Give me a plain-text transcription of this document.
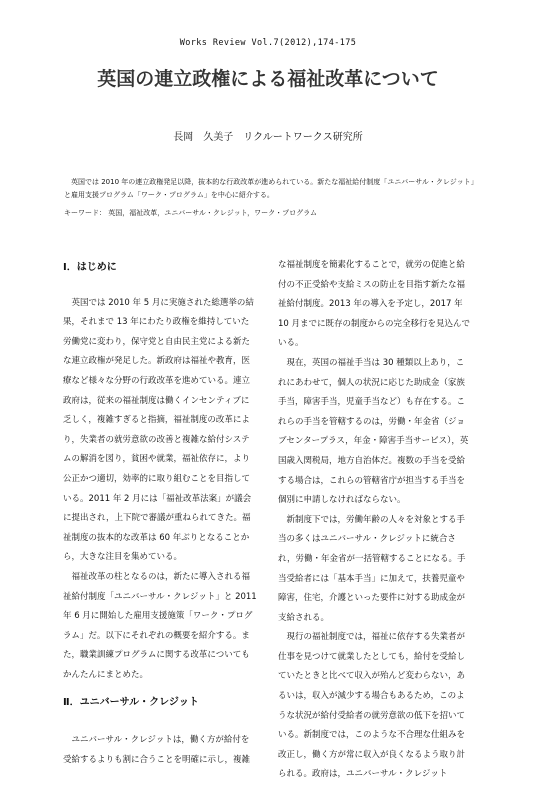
Works Review Vol.7(2012),174-175
英国の連立政権による福祉改革について
長岡　久美子　リクルートワークス研究所

英国では 2010 年の連立政権発足以降，抜本的な行政改革が進められている。新たな福祉給付制度「ユニバーサル・クレジット」と雇用支援プログラム「ワーク・プログラム」を中心に紹介する。

キーワード： 英国，福祉改革，ユニバーサル・クレジット，ワーク・プログラム
Ⅰ．はじめに

英国では 2010 年 5 月に実施された総選挙の結果，それまで 13 年にわたり政権を維持していた労働党に変わり，保守党と自由民主党による新たな連立政権が発足した。新政府は福祉や教育，医療など様々な分野の行政改革を進めている。連立政府は，従来の福祉制度は働くインセンティブに乏しく，複雑すぎると指摘，福祉制度の改革により，失業者の就労意欲の改善と複雑な給付システムの解消を図り，貧困や就業，福祉依存に，より公正かつ適切，効率的に取り組むことを目指している。2011 年 2 月には「福祉改革法案」が議会に提出され，上下院で審議が重ねられてきた。福祉制度の抜本的な改革は 60 年ぶりとなることから，大きな注目を集めている。

福祉改革の柱となるのは，新たに導入される福祉給付制度「ユニバーサル・クレジット」と 2011 年 6 月に開始した雇用支援施策「ワーク・プログラム」だ。以下にそれぞれの概要を紹介する。また，職業訓練プログラムに関する改革についてもかんたんにまとめた。

Ⅱ．ユニバーサル・クレジット

ユニバーサル・クレジットは，働く方が給付を受給するよりも割に合うことを明確に示し，複雑

な福祉制度を簡素化することで，就労の促進と給付の不正受給や支給ミスの防止を目指す新たな福祉給付制度。2013 年の導入を予定し，2017 年 10 月までに既存の制度からの完全移行を見込んでいる。

現在，英国の福祉手当は 30 種類以上あり，これにあわせて，個人の状況に応じた助成金（家族手当，障害手当，児童手当など）も存在する。これらの手当を管轄するのは，労働・年金省（ジョブセンタープラス，年金・障害手当サービス），英国歳入関税局，地方自治体だ。複数の手当を受給する場合は，これらの管轄省庁が担当する手当を個別に申請しなければならない。

新制度下では，労働年齢の人々を対象とする手当の多くはユニバーサル・クレジットに統合され，労働・年金省が一括管轄することになる。手当受給者には「基本手当」に加えて，扶養児童や障害，住宅，介護といった要件に対する助成金が支給される。

現行の福祉制度では，福祉に依存する失業者が仕事を見つけて就業したとしても，給付を受給していたときと比べて収入が殆んど変わらない，あるいは，収入が減少する場合もあるため，このような状況が給付受給者の就労意欲の低下を招いている。新制度では，このような不合理な仕組みを改正し，働く方が常に収入が良くなるよう取り計られる。政府は，ユニバーサル・クレジット
